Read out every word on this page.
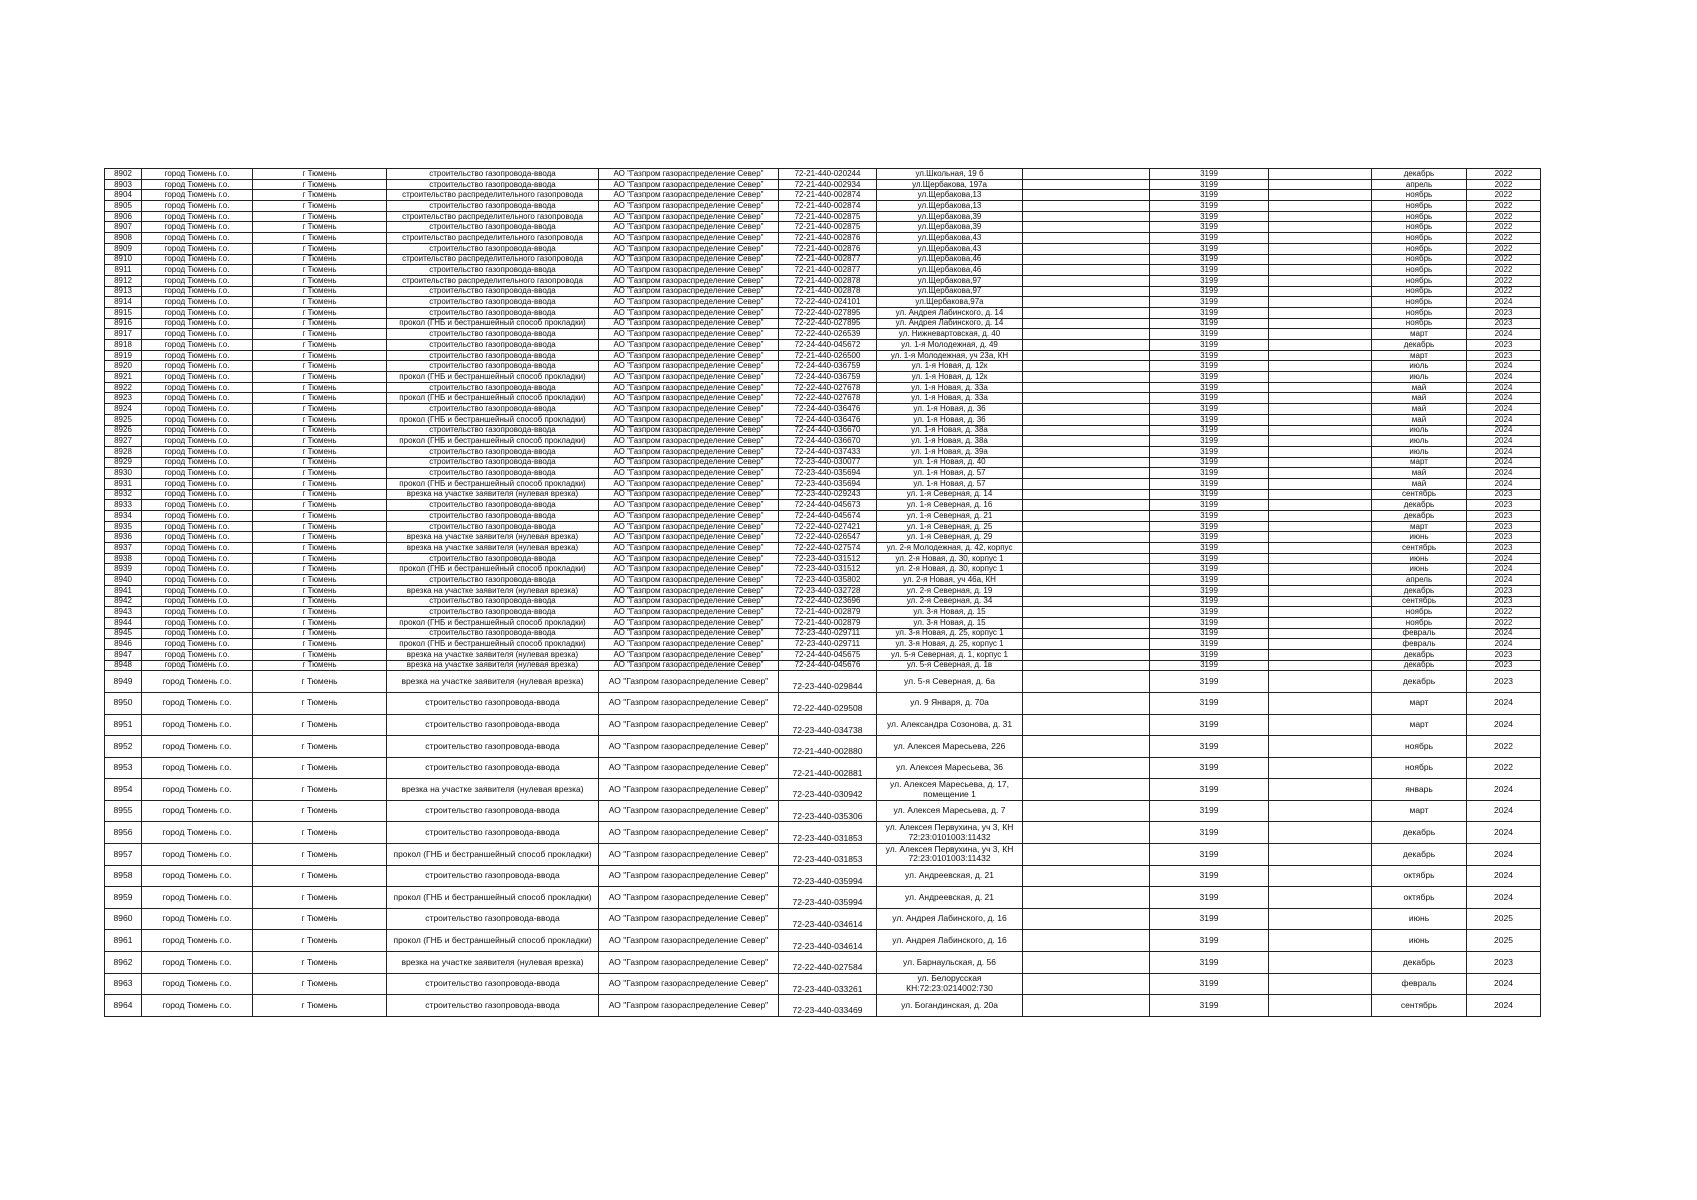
8902	город Тюмень г.о.	г Тюмень	строительство газопровода-ввода	АО "Газпром газораспределение Север"	72-21-440-020244	ул.Школьная, 19 б		3199		декабрь	2022
8903	город Тюмень г.о.	г Тюмень	строительство газопровода-ввода	АО "Газпром газораспределение Север"	72-21-440-002934	ул.Щербакова, 197а		3199		апрель	2022
8904	город Тюмень г.о.	г Тюмень	строительство распределительного газопровода	АО "Газпром газораспределение Север"	72-21-440-002874	ул.Щербакова,13		3199		ноябрь	2022
8905	город Тюмень г.о.	г Тюмень	строительство газопровода-ввода	АО "Газпром газораспределение Север"	72-21-440-002874	ул.Щербакова,13		3199		ноябрь	2022
8906	город Тюмень г.о.	г Тюмень	строительство распределительного газопровода	АО "Газпром газораспределение Север"	72-21-440-002875	ул.Щербакова,39		3199		ноябрь	2022
8907	город Тюмень г.о.	г Тюмень	строительство газопровода-ввода	АО "Газпром газораспределение Север"	72-21-440-002875	ул.Щербакова,39		3199		ноябрь	2022
8908	город Тюмень г.о.	г Тюмень	строительство распределительного газопровода	АО "Газпром газораспределение Север"	72-21-440-002876	ул.Щербакова,43		3199		ноябрь	2022
8909	город Тюмень г.о.	г Тюмень	строительство газопровода-ввода	АО "Газпром газораспределение Север"	72-21-440-002876	ул.Щербакова,43		3199		ноябрь	2022
8910	город Тюмень г.о.	г Тюмень	строительство распределительного газопровода	АО "Газпром газораспределение Север"	72-21-440-002877	ул.Щербакова,46		3199		ноябрь	2022
8911	город Тюмень г.о.	г Тюмень	строительство газопровода-ввода	АО "Газпром газораспределение Север"	72-21-440-002877	ул.Щербакова,46		3199		ноябрь	2022
8912	город Тюмень г.о.	г Тюмень	строительство распределительного газопровода	АО "Газпром газораспределение Север"	72-21-440-002878	ул.Щербакова,97		3199		ноябрь	2022
8913	город Тюмень г.о.	г Тюмень	строительство газопровода-ввода	АО "Газпром газораспределение Север"	72-21-440-002878	ул.Щербакова,97		3199		ноябрь	2022
8914	город Тюмень г.о.	г Тюмень	строительство газопровода-ввода	АО "Газпром газораспределение Север"	72-22-440-024101	ул.Щербакова,97а		3199		ноябрь	2024
8915	город Тюмень г.о.	г Тюмень	строительство газопровода-ввода	АО "Газпром газораспределение Север"	72-22-440-027895	ул. Андрея Лабинского, д. 14		3199		ноябрь	2023
8916	город Тюмень г.о.	г Тюмень	прокол (ГНБ и бестраншейный способ прокладки)	АО "Газпром газораспределение Север"	72-22-440-027895	ул. Андрея Лабинского, д. 14		3199		ноябрь	2023
8917	город Тюмень г.о.	г Тюмень	строительство газопровода-ввода	АО "Газпром газораспределение Север"	72-22-440-026539	ул. Нижневартовская, д. 40		3199		март	2024
8918	город Тюмень г.о.	г Тюмень	строительство газопровода-ввода	АО "Газпром газораспределение Север"	72-24-440-045672	ул. 1-я Молодежная, д. 49		3199		декабрь	2023
8919	город Тюмень г.о.	г Тюмень	строительство газопровода-ввода	АО "Газпром газораспределение Север"	72-21-440-026500	ул. 1-я Молодежная, уч 23а, КН		3199		март	2023
8920	город Тюмень г.о.	г Тюмень	строительство газопровода-ввода	АО "Газпром газораспределение Север"	72-24-440-036759	ул. 1-я Новая, д. 12к		3199		июль	2024
8921	город Тюмень г.о.	г Тюмень	прокол (ГНБ и бестраншейный способ прокладки)	АО "Газпром газораспределение Север"	72-24-440-036759	ул. 1-я Новая, д. 12к		3199		июль	2024
8922	город Тюмень г.о.	г Тюмень	строительство газопровода-ввода	АО "Газпром газораспределение Север"	72-22-440-027678	ул. 1-я Новая, д. 33а		3199		май	2024
8923	город Тюмень г.о.	г Тюмень	прокол (ГНБ и бестраншейный способ прокладки)	АО "Газпром газораспределение Север"	72-22-440-027678	ул. 1-я Новая, д. 33а		3199		май	2024
8924	город Тюмень г.о.	г Тюмень	строительство газопровода-ввода	АО "Газпром газораспределение Север"	72-24-440-036476	ул. 1-я Новая, д. 36		3199		май	2024
8925	город Тюмень г.о.	г Тюмень	прокол (ГНБ и бестраншейный способ прокладки)	АО "Газпром газораспределение Север"	72-24-440-036476	ул. 1-я Новая, д. 36		3199		май	2024
8926	город Тюмень г.о.	г Тюмень	строительство газопровода-ввода	АО "Газпром газораспределение Север"	72-24-440-036670	ул. 1-я Новая, д. 38а		3199		июль	2024
8927	город Тюмень г.о.	г Тюмень	прокол (ГНБ и бестраншейный способ прокладки)	АО "Газпром газораспределение Север"	72-24-440-036670	ул. 1-я Новая, д. 38а		3199		июль	2024
8928	город Тюмень г.о.	г Тюмень	строительство газопровода-ввода	АО "Газпром газораспределение Север"	72-24-440-037433	ул. 1-я Новая, д. 39а		3199		июль	2024
8929	город Тюмень г.о.	г Тюмень	строительство газопровода-ввода	АО "Газпром газораспределение Север"	72-23-440-030077	ул. 1-я Новая, д. 40		3199		март	2024
8930	город Тюмень г.о.	г Тюмень	строительство газопровода-ввода	АО "Газпром газораспределение Север"	72-23-440-035694	ул. 1-я Новая, д. 57		3199		май	2024
8931	город Тюмень г.о.	г Тюмень	прокол (ГНБ и бестраншейный способ прокладки)	АО "Газпром газораспределение Север"	72-23-440-035694	ул. 1-я Новая, д. 57		3199		май	2024
8932	город Тюмень г.о.	г Тюмень	врезка на участке заявителя (нулевая врезка)	АО "Газпром газораспределение Север"	72-23-440-029243	ул. 1-я Северная, д. 14		3199		сентябрь	2023
8933	город Тюмень г.о.	г Тюмень	строительство газопровода-ввода	АО "Газпром газораспределение Север"	72-24-440-045673	ул. 1-я Северная, д. 16		3199		декабрь	2023
8934	город Тюмень г.о.	г Тюмень	строительство газопровода-ввода	АО "Газпром газораспределение Север"	72-24-440-045674	ул. 1-я Северная, д. 21		3199		декабрь	2023
8935	город Тюмень г.о.	г Тюмень	строительство газопровода-ввода	АО "Газпром газораспределение Север"	72-22-440-027421	ул. 1-я Северная, д. 25		3199		март	2023
8936	город Тюмень г.о.	г Тюмень	врезка на участке заявителя (нулевая врезка)	АО "Газпром газораспределение Север"	72-22-440-026547	ул. 1-я Северная, д. 29		3199		июнь	2023
8937	город Тюмень г.о.	г Тюмень	врезка на участке заявителя (нулевая врезка)	АО "Газпром газораспределение Север"	72-22-440-027574	ул. 2-я Молодежная, д. 42, корпус		3199		сентябрь	2023
8938	город Тюмень г.о.	г Тюмень	строительство газопровода-ввода	АО "Газпром газораспределение Север"	72-23-440-031512	ул. 2-я Новая, д. 30, корпус 1		3199		июнь	2024
8939	город Тюмень г.о.	г Тюмень	прокол (ГНБ и бестраншейный способ прокладки)	АО "Газпром газораспределение Север"	72-23-440-031512	ул. 2-я Новая, д. 30, корпус 1		3199		июнь	2024
8940	город Тюмень г.о.	г Тюмень	строительство газопровода-ввода	АО "Газпром газораспределение Север"	72-23-440-035802	ул. 2-я Новая, уч 46а, КН		3199		апрель	2024
8941	город Тюмень г.о.	г Тюмень	врезка на участке заявителя (нулевая врезка)	АО "Газпром газораспределение Север"	72-23-440-032728	ул. 2-я Северная, д. 19		3199		декабрь	2023
8942	город Тюмень г.о.	г Тюмень	строительство газопровода-ввода	АО "Газпром газораспределение Север"	72-22-440-023696	ул. 2-я Северная, д. 34		3199		сентябрь	2023
8943	город Тюмень г.о.	г Тюмень	строительство газопровода-ввода	АО "Газпром газораспределение Север"	72-21-440-002879	ул. 3-я Новая, д. 15		3199		ноябрь	2022
8944	город Тюмень г.о.	г Тюмень	прокол (ГНБ и бестраншейный способ прокладки)	АО "Газпром газораспределение Север"	72-21-440-002879	ул. 3-я Новая, д. 15		3199		ноябрь	2022
8945	город Тюмень г.о.	г Тюмень	строительство газопровода-ввода	АО "Газпром газораспределение Север"	72-23-440-029711	ул. 3-я Новая, д. 25, корпус 1		3199		февраль	2024
8946	город Тюмень г.о.	г Тюмень	прокол (ГНБ и бестраншейный способ прокладки)	АО "Газпром газораспределение Север"	72-23-440-029711	ул. 3-я Новая, д. 25, корпус 1		3199		февраль	2024
8947	город Тюмень г.о.	г Тюмень	врезка на участке заявителя (нулевая врезка)	АО "Газпром газораспределение Север"	72-24-440-045675	ул. 5-я Северная, д. 1, корпус 1		3199		декабрь	2023
8948	город Тюмень г.о.	г Тюмень	врезка на участке заявителя (нулевая врезка)	АО "Газпром газораспределение Север"	72-24-440-045676	ул. 5-я Северная, д. 1в		3199		декабрь	2023
8949	город Тюмень г.о.	г Тюмень	врезка на участке заявителя (нулевая врезка)	АО "Газпром газораспределение Север"	72-23-440-029844	ул. 5-я Северная, д. 6а		3199		декабрь	2023
8950	город Тюмень г.о.	г Тюмень	строительство газопровода-ввода	АО "Газпром газораспределение Север"	72-22-440-029508	ул. 9 Января, д. 70а		3199		март	2024
8951	город Тюмень г.о.	г Тюмень	строительство газопровода-ввода	АО "Газпром газораспределение Север"	72-23-440-034738	ул. Александра Созонова, д. 31		3199		март	2024
8952	город Тюмень г.о.	г Тюмень	строительство газопровода-ввода	АО "Газпром газораспределение Север"	72-21-440-002880	ул. Алексея Маресьева, 226		3199		ноябрь	2022
8953	город Тюмень г.о.	г Тюмень	строительство газопровода-ввода	АО "Газпром газораспределение Север"	72-21-440-002881	ул. Алексея Маресьева, 36		3199		ноябрь	2022
8954	город Тюмень г.о.	г Тюмень	врезка на участке заявителя (нулевая врезка)	АО "Газпром газораспределение Север"	72-23-440-030942	ул. Алексея Маресьева, д. 17, помещение 1		3199		январь	2024
8955	город Тюмень г.о.	г Тюмень	строительство газопровода-ввода	АО "Газпром газораспределение Север"	72-23-440-035306	ул. Алексея Маресьева, д. 7		3199		март	2024
8956	город Тюмень г.о.	г Тюмень	строительство газопровода-ввода	АО "Газпром газораспределение Север"	72-23-440-031853	ул. Алексея Первухина, уч 3, КН 72:23:0101003:11432		3199		декабрь	2024
8957	город Тюмень г.о.	г Тюмень	прокол (ГНБ и бестраншейный способ прокладки)	АО "Газпром газораспределение Север"	72-23-440-031853	ул. Алексея Первухина, уч 3, КН 72:23:0101003:11432		3199		декабрь	2024
8958	город Тюмень г.о.	г Тюмень	строительство газопровода-ввода	АО "Газпром газораспределение Север"	72-23-440-035994	ул. Андреевская, д. 21		3199		октябрь	2024
8959	город Тюмень г.о.	г Тюмень	прокол (ГНБ и бестраншейный способ прокладки)	АО "Газпром газораспределение Север"	72-23-440-035994	ул. Андреевская, д. 21		3199		октябрь	2024
8960	город Тюмень г.о.	г Тюмень	строительство газопровода-ввода	АО "Газпром газораспределение Север"	72-23-440-034614	ул. Андрея Лабинского, д. 16		3199		июнь	2025
8961	город Тюмень г.о.	г Тюмень	прокол (ГНБ и бестраншейный способ прокладки)	АО "Газпром газораспределение Север"	72-23-440-034614	ул. Андрея Лабинского, д. 16		3199		июнь	2025
8962	город Тюмень г.о.	г Тюмень	врезка на участке заявителя (нулевая врезка)	АО "Газпром газораспределение Север"	72-22-440-027584	ул. Барнаульская, д. 56		3199		декабрь	2023
8963	город Тюмень г.о.	г Тюмень	строительство газопровода-ввода	АО "Газпром газораспределение Север"	72-23-440-033261	ул. Белорусская КН:72:23:0214002:730		3199		февраль	2024
8964	город Тюмень г.о.	г Тюмень	строительство газопровода-ввода	АО "Газпром газораспределение Север"	72-23-440-033469	ул. Богандинская, д. 20а		3199		сентябрь	2024
